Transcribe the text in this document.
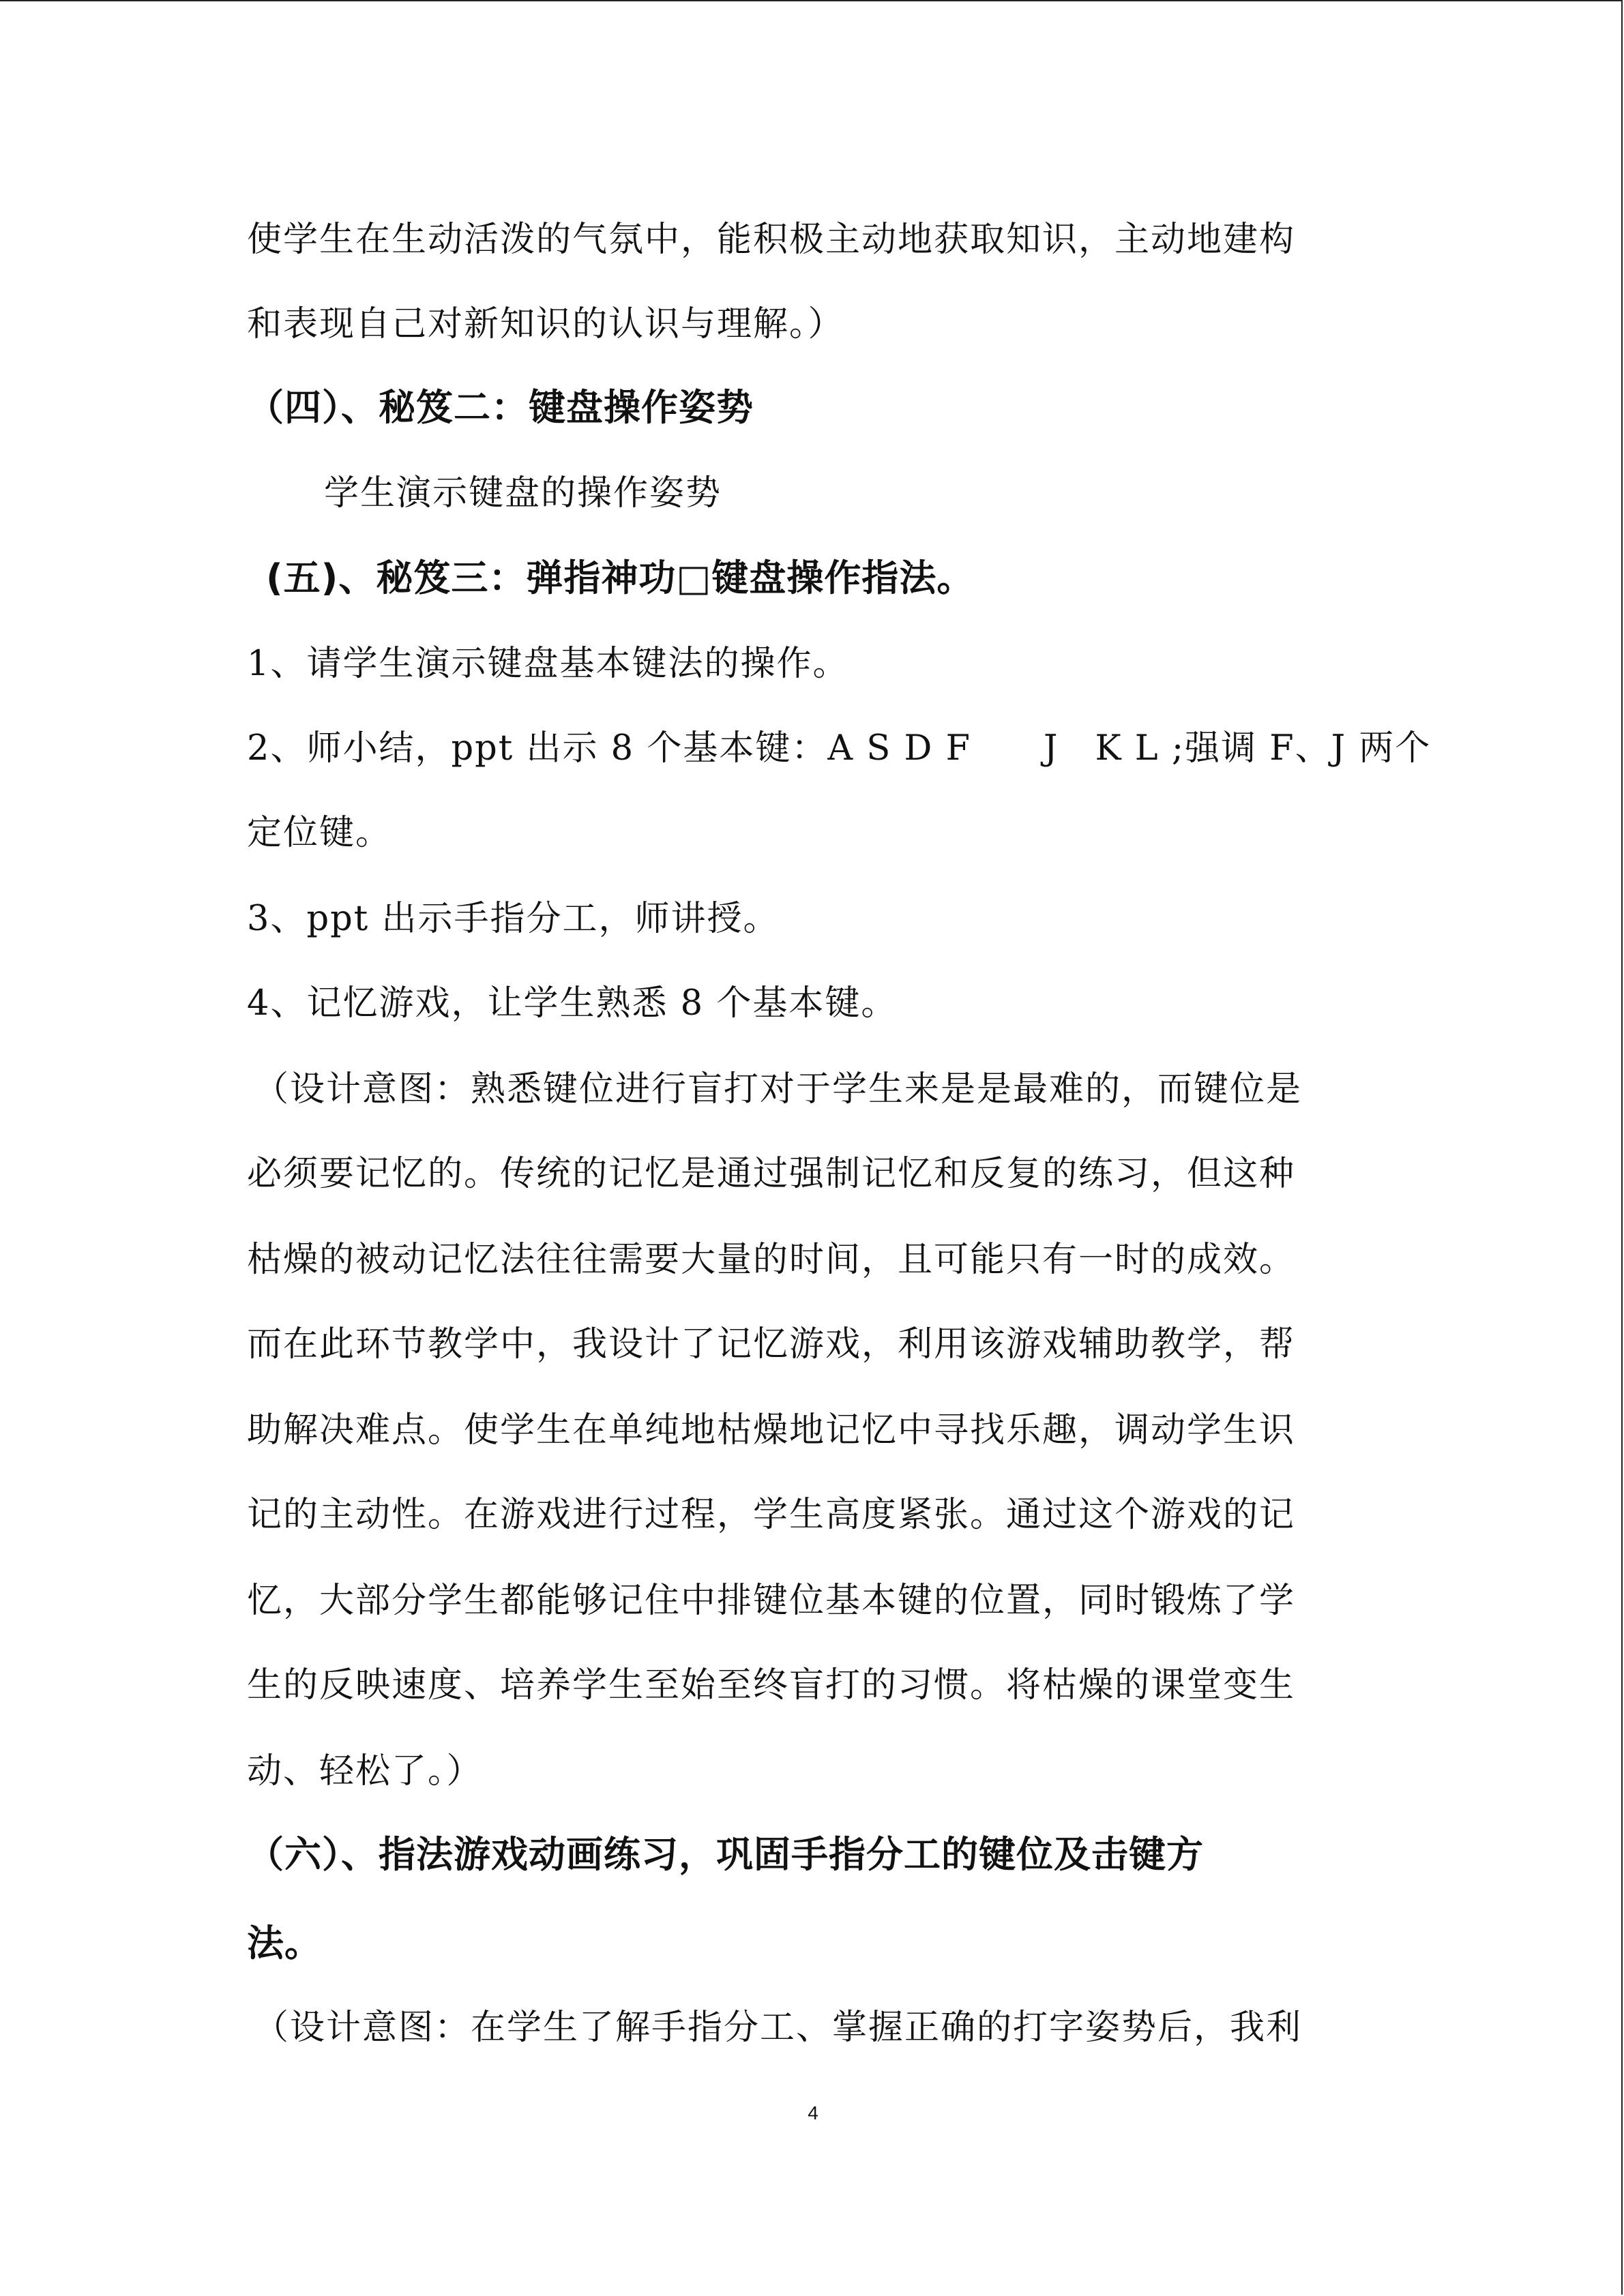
使学生在生动活泼的气氛中，能积极主动地获取知识，主动地建构
和表现自己对新知识的认识与理解。）
（四）、秘笈二：键盘操作姿势
学生演示键盘的操作姿势
(五)、秘笈三：弹指神功□键盘操作指法。
1、请学生演示键盘基本键法的操作。
2、师小结，ppt 出示 8 个基本键：A S D F　　J　K L ;强调 F、J 两个
定位键。
3、ppt 出示手指分工，师讲授。
4、记忆游戏，让学生熟悉 8 个基本键。
（设计意图：熟悉键位进行盲打对于学生来是是最难的，而键位是
必须要记忆的。传统的记忆是通过强制记忆和反复的练习，但这种
枯燥的被动记忆法往往需要大量的时间，且可能只有一时的成效。
而在此环节教学中，我设计了记忆游戏，利用该游戏辅助教学，帮
助解决难点。使学生在单纯地枯燥地记忆中寻找乐趣，调动学生识
记的主动性。在游戏进行过程，学生高度紧张。通过这个游戏的记
忆，大部分学生都能够记住中排键位基本键的位置，同时锻炼了学
生的反映速度、培养学生至始至终盲打的习惯。将枯燥的课堂变生
动、轻松了。）
（六）、指法游戏动画练习，巩固手指分工的键位及击键方
法。
（设计意图：在学生了解手指分工、掌握正确的打字姿势后，我利
4
